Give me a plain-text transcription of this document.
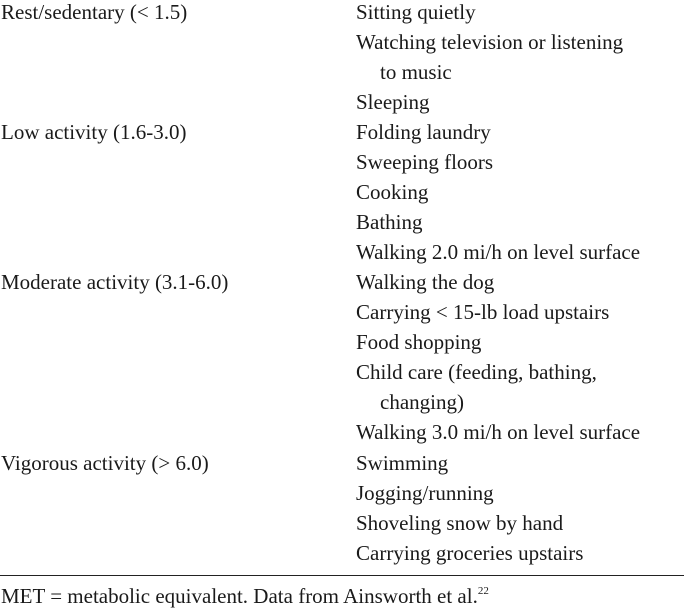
Rest/sedentary (< 1.5)	Sitting quietly
Watching television or listening
to music
Sleeping
Low activity (1.6-3.0)	Folding laundry
Sweeping floors
Cooking
Bathing
Walking 2.0 mi/h on level surface
Moderate activity (3.1-6.0)	Walking the dog
Carrying < 15-lb load upstairs
Food shopping
Child care (feeding, bathing,
changing)
Walking 3.0 mi/h on level surface
Vigorous activity (> 6.0)	Swimming
Jogging/running
Shoveling snow by hand
Carrying groceries upstairs
MET = metabolic equivalent. Data from Ainsworth et al.$^{22}$
